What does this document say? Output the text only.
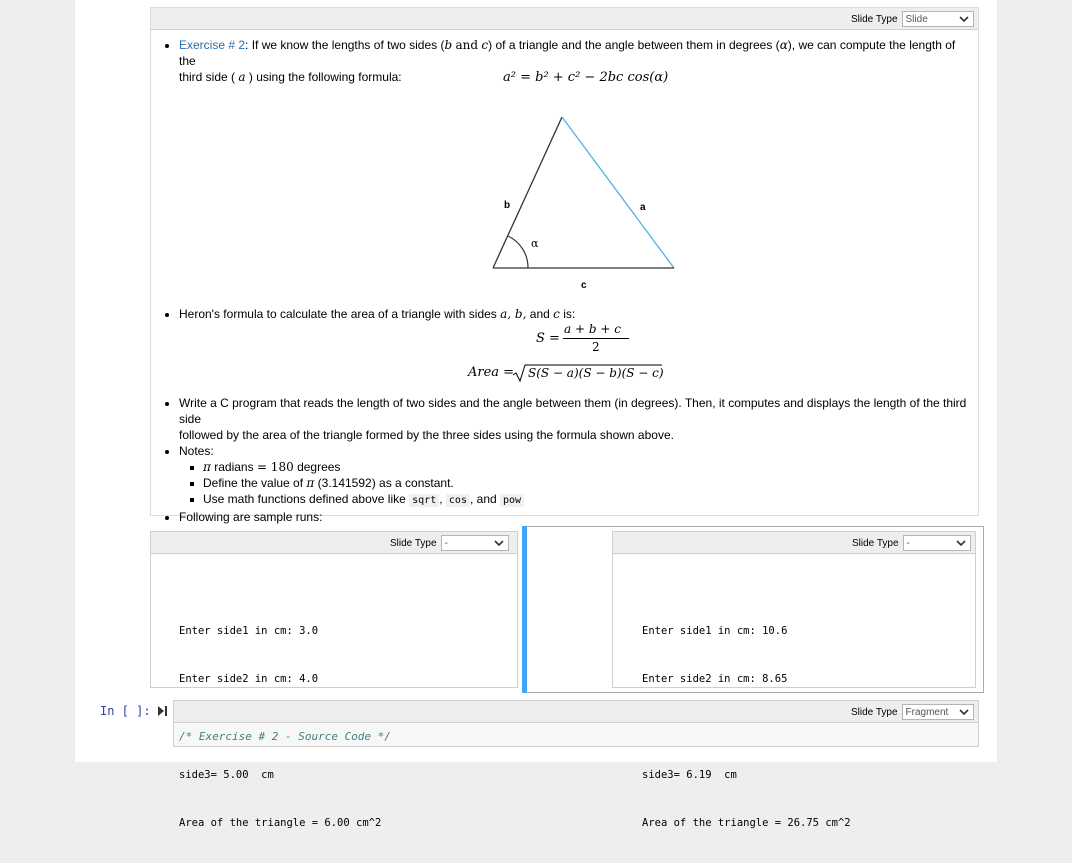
Slide Type Slide
Exercise # 2: If we know the lengths of two sides (b and c) of a triangle and the angle between them in degrees (α), we can compute the length of the
third side ( a ) using the following formula:	a² = b² + c² − 2bc cos(α)
b	a
α
c
Heron's formula to calculate the area of a triangle with sides a, b, and c is:
S =
a + b + c
2
Area = S(S − a)(S − b)(S − c)
Write a C program that reads the length of two sides and the angle between them (in degrees). Then, it computes and displays the length of the third side
followed by the area of the triangle formed by the three sides using the formula shown above.
Notes:
π radians = 180 degrees
Define the value of π (3.141592) as a constant.
Use math functions defined above like sqrt , cos , and pow
Following are sample runs:
Slide Type -

Enter side1 in cm: 3.0

Enter side2 in cm: 4.0

side3= 5.00  cm

Area of the triangle = 6.00 cm^2

Slide Type -

Enter side1 in cm: 10.6

Enter side2 in cm: 8.65

side3= 6.19  cm

Area of the triangle = 26.75 cm^2

In [ ]:	Slide Type Fragment
/* Exercise # 2 - Source Code */
